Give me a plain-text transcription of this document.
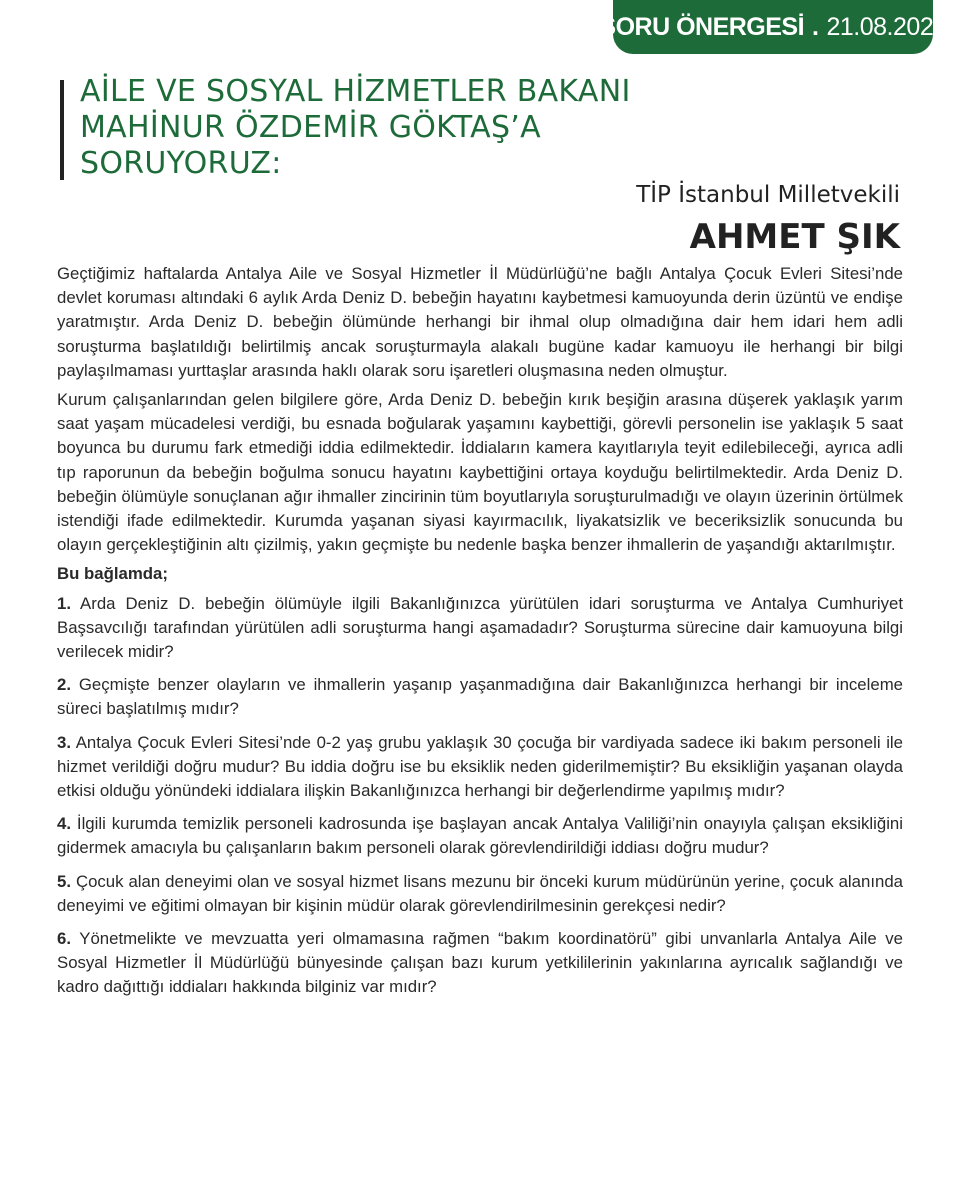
SORU ÖNERGESİ . 21.08.2025
AİLE VE SOSYAL HİZMETLER BAKANI
MAHİNUR ÖZDEMİR GÖKTAŞ’A
SORUYORUZ:
TİP İstanbul Milletvekili
AHMET ŞIK

Geçtiğimiz haftalarda Antalya Aile ve Sosyal Hizmetler İl Müdürlüğü’ne bağlı Antalya Çocuk Evleri Sitesi’nde devlet koruması altındaki 6 aylık Arda Deniz D. bebeğin hayatını kaybetmesi kamuoyunda derin üzüntü ve endişe yaratmıştır. Arda Deniz D. bebeğin ölümünde herhangi bir ihmal olup olmadığına dair hem idari hem adli soruşturma başlatıldığı belirtilmiş ancak soruşturmayla alakalı bugüne kadar kamuoyu ile herhangi bir bilgi paylaşılmaması yurttaşlar arasında haklı olarak soru işaretleri oluşmasına neden olmuştur.

Kurum çalışanlarından gelen bilgilere göre, Arda Deniz D. bebeğin kırık beşiğin arasına düşerek yaklaşık yarım saat yaşam mücadelesi verdiği, bu esnada boğularak yaşamını kaybettiği, görevli personelin ise yaklaşık 5 saat boyunca bu durumu fark etmediği iddia edilmektedir. İddiaların kamera kayıtlarıyla teyit edilebileceği, ayrıca adli tıp raporunun da bebeğin boğulma sonucu hayatını kaybettiğini ortaya koyduğu belirtilmektedir. Arda Deniz D. bebeğin ölümüyle sonuçlanan ağır ihmaller zincirinin tüm boyutlarıyla soruşturulmadığı ve olayın üzerinin örtülmek istendiği ifade edilmektedir. Kurumda yaşanan siyasi kayırmacılık, liyakatsizlik ve beceriksizlik sonucunda bu olayın gerçekleştiğinin altı çizilmiş, yakın geçmişte bu nedenle başka benzer ihmallerin de yaşandığı aktarılmıştır.

Bu bağlamda;

1. Arda Deniz D. bebeğin ölümüyle ilgili Bakanlığınızca yürütülen idari soruşturma ve Antalya Cumhuriyet Başsavcılığı tarafından yürütülen adli soruşturma hangi aşamadadır? Soruşturma sürecine dair kamuoyuna bilgi verilecek midir?
2. Geçmişte benzer olayların ve ihmallerin yaşanıp yaşanmadığına dair Bakanlığınızca herhangi bir inceleme süreci başlatılmış mıdır?
3. Antalya Çocuk Evleri Sitesi’nde 0-2 yaş grubu yaklaşık 30 çocuğa bir vardiyada sadece iki bakım personeli ile hizmet verildiği doğru mudur? Bu iddia doğru ise bu eksiklik neden giderilmemiştir? Bu eksikliğin yaşanan olayda etkisi olduğu yönündeki iddialara ilişkin Bakanlığınızca herhangi bir değerlendirme yapılmış mıdır?
4. İlgili kurumda temizlik personeli kadrosunda işe başlayan ancak Antalya Valiliği’nin onayıyla çalışan eksikliğini gidermek amacıyla bu çalışanların bakım personeli olarak görevlendirildiği iddiası doğru mudur?
5. Çocuk alan deneyimi olan ve sosyal hizmet lisans mezunu bir önceki kurum müdürünün yerine, çocuk alanında deneyimi ve eğitimi olmayan bir kişinin müdür olarak görevlendirilmesinin gerekçesi nedir?
6. Yönetmelikte ve mevzuatta yeri olmamasına rağmen “bakım koordinatörü” gibi unvanlarla Antalya Aile ve Sosyal Hizmetler İl Müdürlüğü bünyesinde çalışan bazı kurum yetkililerinin yakınlarına ayrıcalık sağlandığı ve kadro dağıttığı iddiaları hakkında bilginiz var mıdır?
